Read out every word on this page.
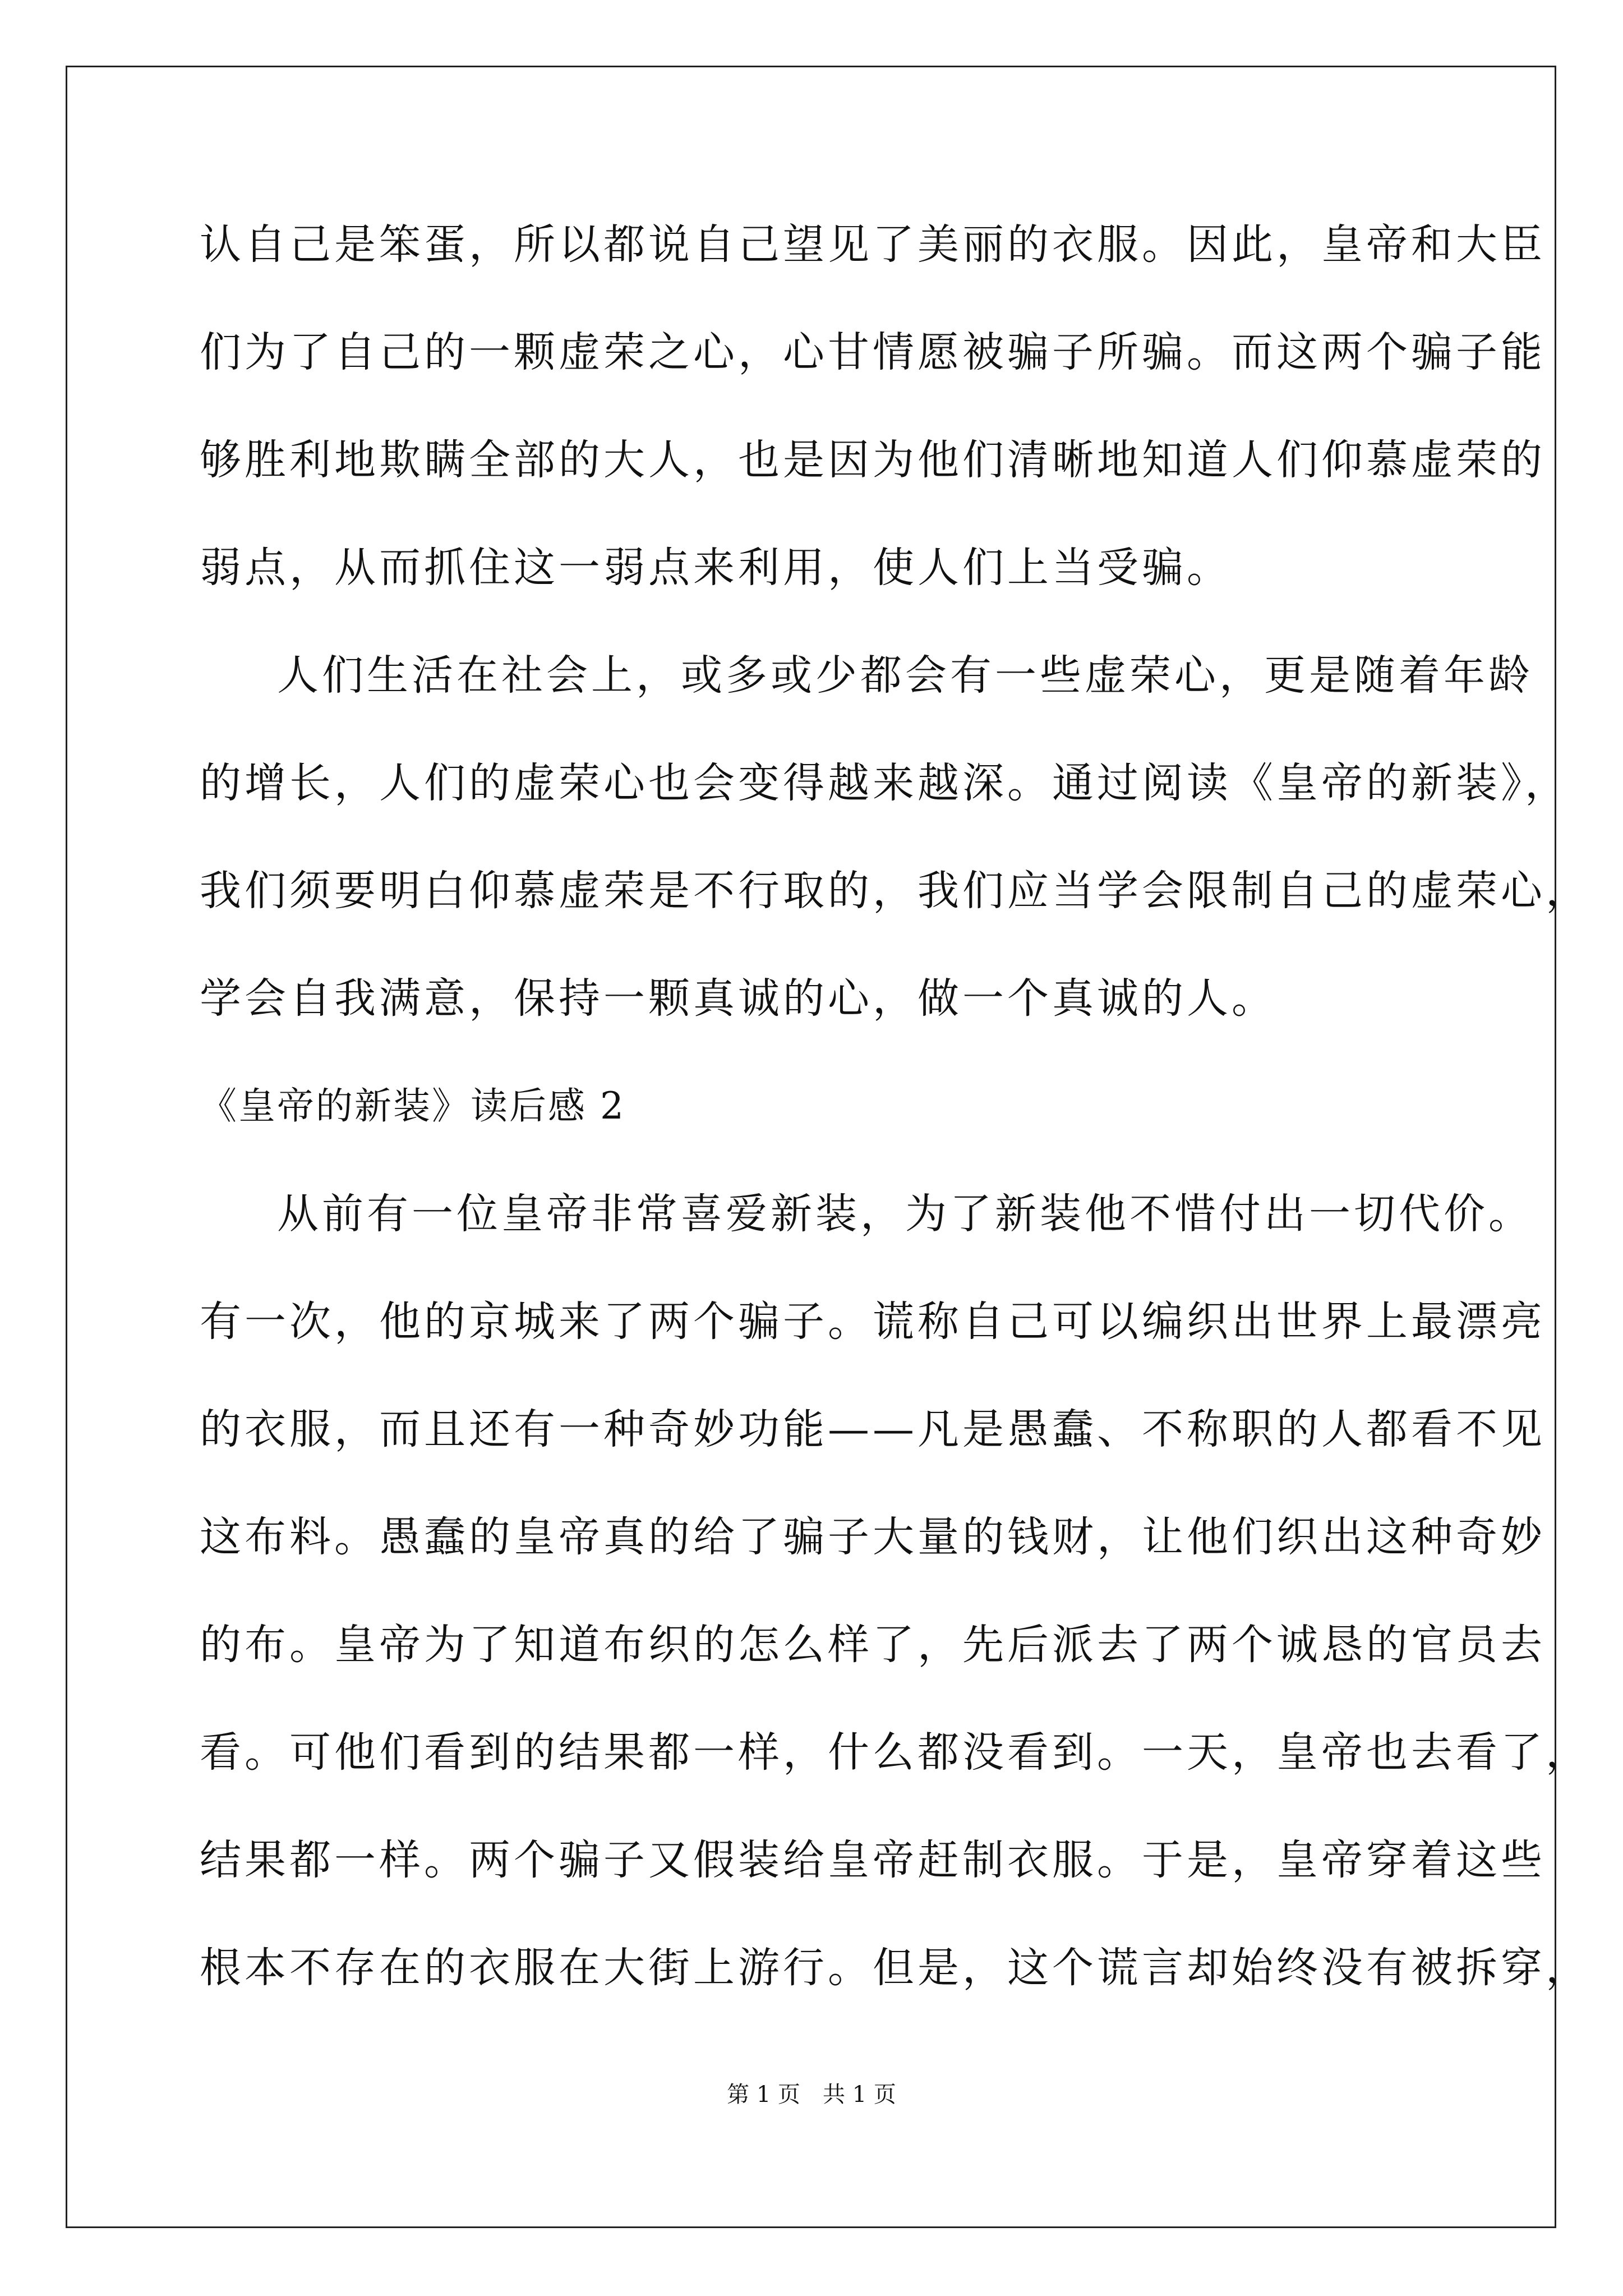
认自己是笨蛋，所以都说自己望见了美丽的衣服。因此，皇帝和大臣
们为了自己的一颗虚荣之心，心甘情愿被骗子所骗。而这两个骗子能
够胜利地欺瞒全部的大人，也是因为他们清晰地知道人们仰慕虚荣的
弱点，从而抓住这一弱点来利用，使人们上当受骗。
人们生活在社会上，或多或少都会有一些虚荣心，更是随着年龄
的增长，人们的虚荣心也会变得越来越深。通过阅读《皇帝的新装》，
我们须要明白仰慕虚荣是不行取的，我们应当学会限制自己的虚荣心，
学会自我满意，保持一颗真诚的心，做一个真诚的人。
《皇帝的新装》读后感 2
从前有一位皇帝非常喜爱新装，为了新装他不惜付出一切代价。
有一次，他的京城来了两个骗子。谎称自己可以编织出世界上最漂亮
的衣服，而且还有一种奇妙功能——凡是愚蠢、不称职的人都看不见
这布料。愚蠢的皇帝真的给了骗子大量的钱财，让他们织出这种奇妙
的布。皇帝为了知道布织的怎么样了，先后派去了两个诚恳的官员去
看。可他们看到的结果都一样，什么都没看到。一天，皇帝也去看了，
结果都一样。两个骗子又假装给皇帝赶制衣服。于是，皇帝穿着这些
根本不存在的衣服在大街上游行。但是，这个谎言却始终没有被拆穿，
第 1 页　共 1 页
